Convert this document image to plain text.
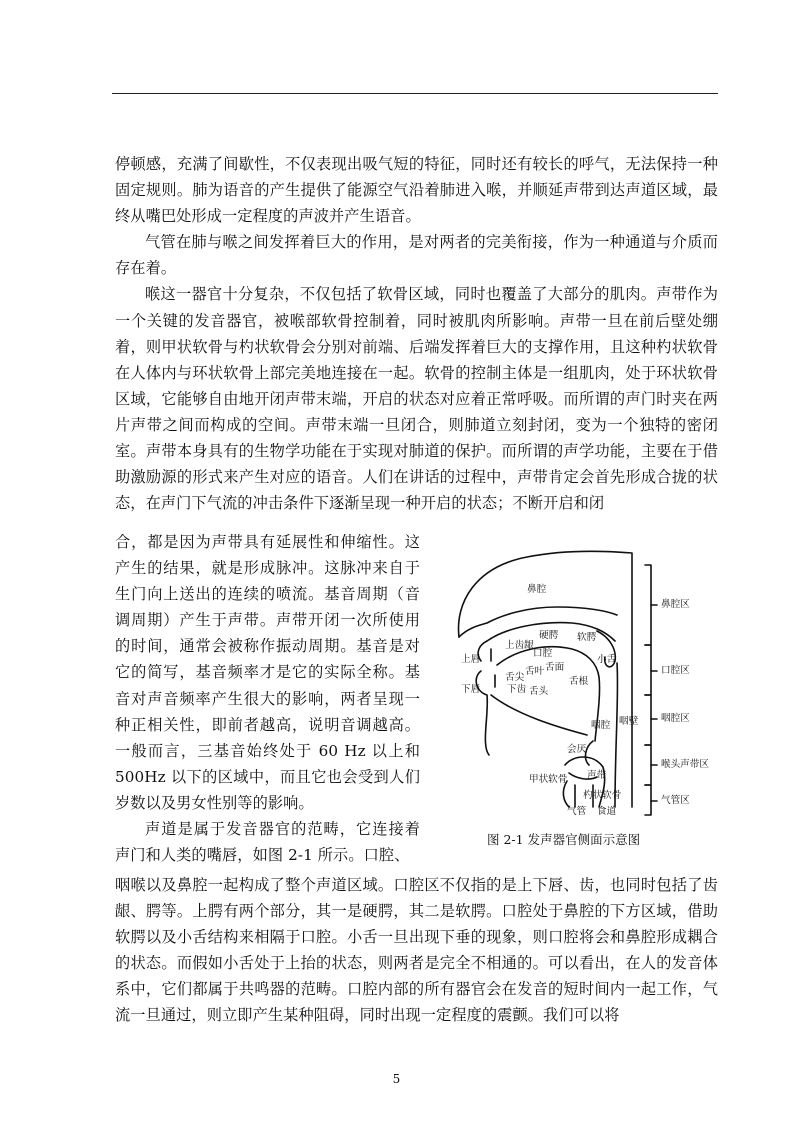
停顿感，充满了间歇性，不仅表现出吸气短的特征，同时还有较长的呼气，无法保持一种固定规则。肺为语音的产生提供了能源空气沿着肺进入喉，并顺延声带到达声道区域，最终从嘴巴处形成一定程度的声波并产生语音。

气管在肺与喉之间发挥着巨大的作用，是对两者的完美衔接，作为一种通道与介质而存在着。

喉这一器官十分复杂，不仅包括了软骨区域，同时也覆盖了大部分的肌肉。声带作为一个关键的发音器官，被喉部软骨控制着，同时被肌肉所影响。声带一旦在前后壁处绷着，则甲状软骨与杓状软骨会分别对前端、后端发挥着巨大的支撑作用，且这种杓状软骨在人体内与环状软骨上部完美地连接在一起。软骨的控制主体是一组肌肉，处于环状软骨区域，它能够自由地开闭声带末端，开启的状态对应着正常呼吸。而所谓的声门时夹在两片声带之间而构成的空间。声带末端一旦闭合，则肺道立刻封闭，变为一个独特的密闭室。声带本身具有的生物学功能在于实现对肺道的保护。而所谓的声学功能，主要在于借助激励源的形式来产生对应的语音。人们在讲话的过程中，声带肯定会首先形成合拢的状态，在声门下气流的冲击条件下逐渐呈现一种开启的状态；不断开启和闭

合，都是因为声带具有延展性和伸缩性。这产生的结果，就是形成脉冲。这脉冲来自于生门向上送出的连续的喷流。基音周期（音调周期）产生于声带。声带开闭一次所使用的时间，通常会被称作振动周期。基音是对它的简写，基音频率才是它的实际全称。基音对声音频率产生很大的影响，两者呈现一种正相关性，即前者越高，说明音调越高。一般而言，三基音始终处于 60 Hz 以上和500Hz 以下的区域中，而且它也会受到人们岁数以及男女性别等的影响。

声道是属于发音器官的范畴，它连接着声门和人类的嘴唇，如图 2-1 所示。口腔、

鼻腔
硬腭 软腭
上齿龈
口腔
小舌
上唇
舌尖
舌叶 舌面
舌根
下齿
下唇	舌头
咽腔 咽壁
会厌
声带
甲状软骨
杓状软骨
气管 食道
鼻腔区
口腔区
咽腔区
喉头声带区
气管区
图 2-1 发声器官侧面示意图

咽喉以及鼻腔一起构成了整个声道区域。口腔区不仅指的是上下唇、齿，也同时包括了齿龈、腭等。上腭有两个部分，其一是硬腭，其二是软腭。口腔处于鼻腔的下方区域，借助软腭以及小舌结构来相隔于口腔。小舌一旦出现下垂的现象，则口腔将会和鼻腔形成耦合的状态。而假如小舌处于上抬的状态，则两者是完全不相通的。可以看出，在人的发音体系中，它们都属于共鸣器的范畴。口腔内部的所有器官会在发音的短时间内一起工作，气流一旦通过，则立即产生某种阻碍，同时出现一定程度的震颤。我们可以将

5
